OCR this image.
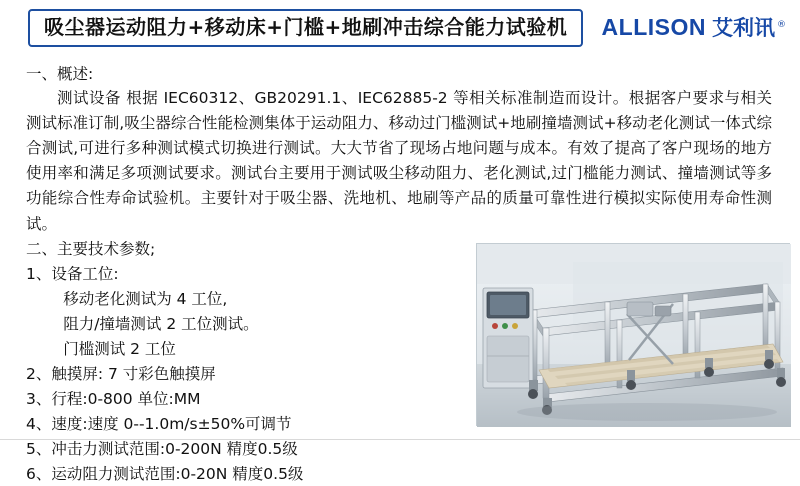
吸尘器运动阻力+移动床+门槛+地刷冲击综合能力试验机 ALLISON 艾利讯 ®
一、概述:
测试设备 根据 IEC60312、GB20291.1、IEC62885-2 等相关标准制造而设计。根据客户要求与相关测试标准订制,吸尘器综合性能检测集体于运动阻力、移动过门槛测试+地刷撞墙测试+移动老化测试一体式综合测试,可进行多种测试模式切换进行测试。大大节省了现场占地问题与成本。有效了提高了客户现场的地方使用率和满足多项测试要求。测试台主要用于测试吸尘移动阻力、老化测试,过门槛能力测试、撞墙测试等多功能综合性寿命试验机。主要针对于吸尘器、洗地机、地刷等产品的质量可靠性进行模拟实际使用寿命性测试。
二、主要技术参数;
1、设备工位:
移动老化测试为 4 工位,
阻力/撞墙测试 2 工位测试。
门槛测试 2 工位
2、触摸屏: 7 寸彩色触摸屏
3、行程:0-800 单位:MM
4、速度:速度 0--1.0m/s±50%可调节
5、冲击力测试范围:0-200N 精度0.5级
6、运动阻力测试范围:0-20N 精度0.5级
